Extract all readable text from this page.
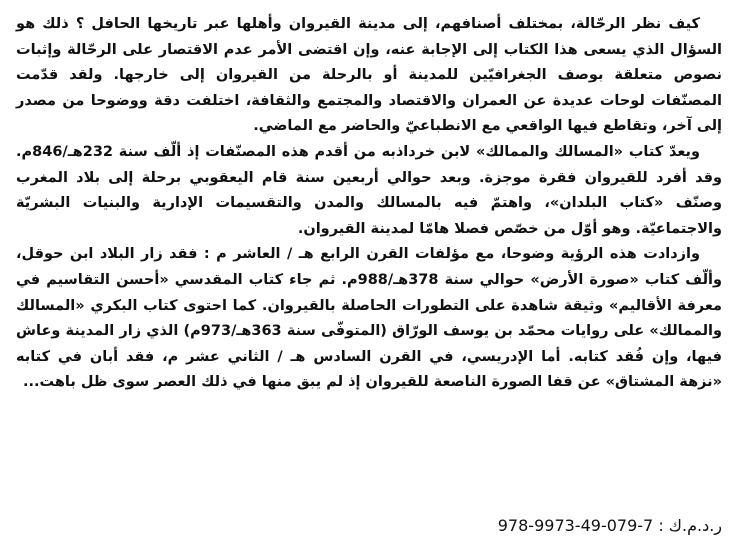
كيف نظر الرحّالة، بمختلف أصنافهم، إلى مدينة القيروان وأهلها عبر تاريخها الحافل ؟ ذلك هو السؤال الذي يسعى هذا الكتاب إلى الإجابة عنه، وإن اقتضى الأمر عدم الاقتصار على الرحّالة وإثبات نصوص متعلقة بوصف الجغرافيّين للمدينة أو بالرحلة من القيروان إلى خارجها. ولقد قدّمت المصنّفات لوحات عديدة عن العمران والاقتصاد والمجتمع والثقافة، اختلفت دقة ووضوحا من مصدر إلى آخر، وتقاطع فيها الواقعي مع الانطباعيّ والحاضر مع الماضي.

ويعدّ كتاب «المسالك والممالك» لابن خرداذبه من أقدم هذه المصنّفات إذ ألّف سنة 232هـ/846م. وقد أفرد للقيروان فقرة موجزة. وبعد حوالي أربعين سنة قام اليعقوبي برحلة إلى بلاد المغرب وصنّف «كتاب البلدان»، واهتمّ فيه بالمسالك والمدن والتقسيمات الإدارية والبنيات البشريّة والاجتماعيّة. وهو أوّل من خصّص فصلا هامّا لمدينة القيروان.

وازدادت هذه الرؤية وضوحا، مع مؤلفات القرن الرابع هـ / العاشر م : فقد زار البلاد ابن حوقل، وألّف كتاب «صورة الأرض» حوالي سنة 378هـ/988م. ثم جاء كتاب المقدسي «أحسن التقاسيم في معرفة الأقاليم» وثيقة شاهدة على التطورات الحاصلة بالقيروان. كما احتوى كتاب البكري «المسالك والممالك» على روايات محمّد بن يوسف الورّاق (المتوفّى سنة 363هـ/973م) الذي زار المدينة وعاش فيها، وإن فُقد كتابه. أما الإدريسي، في القرن السادس هـ / الثاني عشر م، فقد أبان في كتابه «نزهة المشتاق» عن قفا الصورة الناصعة للقيروان إذ لم يبق منها في ذلك العصر سوى ظل باهت...

ر.د.م.ك : 7-079-49-9973-978
